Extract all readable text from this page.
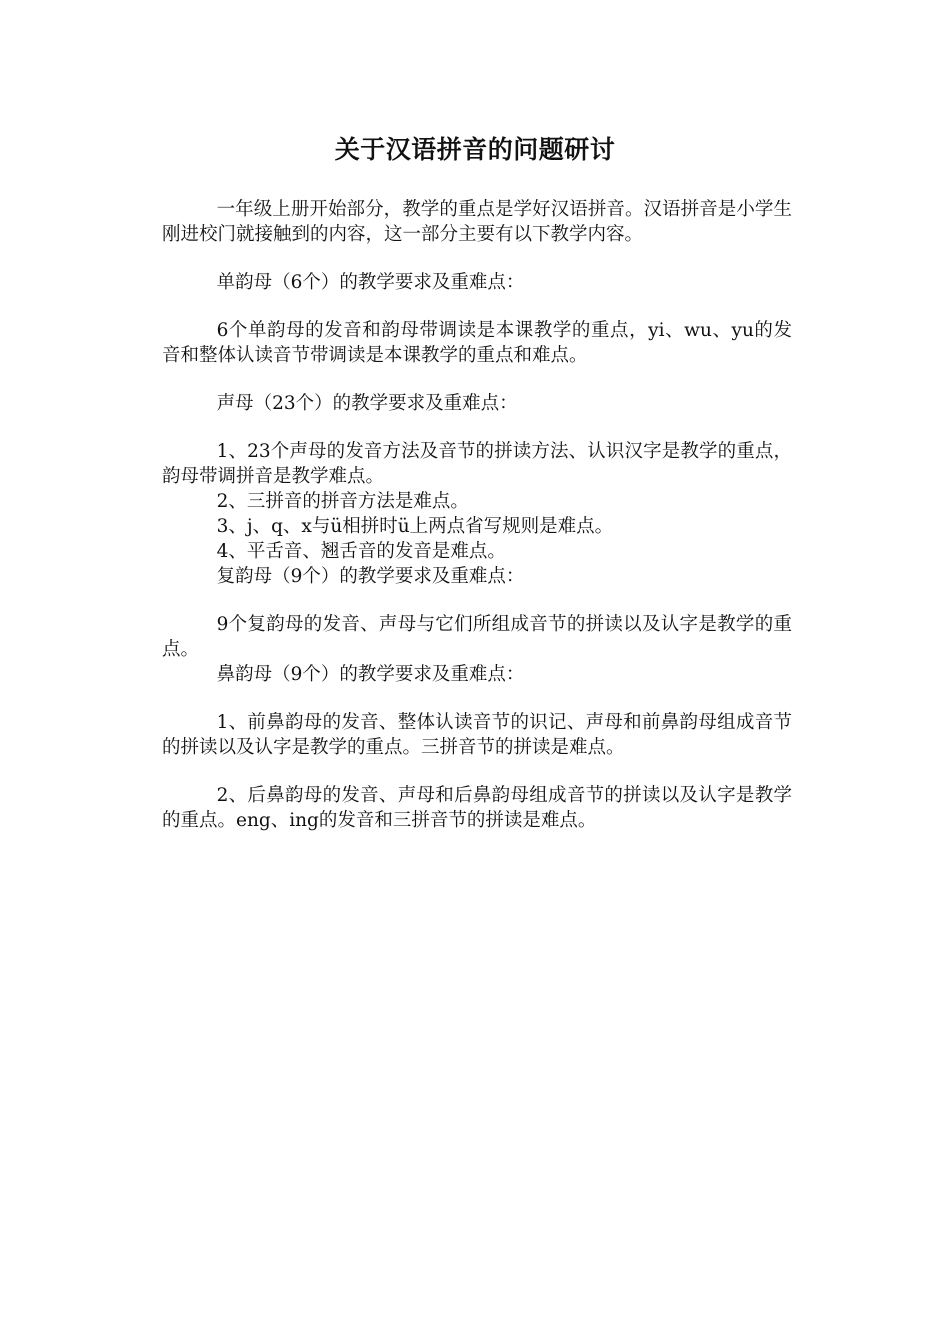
关于汉语拼音的问题研讨

一年级上册开始部分，教学的重点是学好汉语拼音。汉语拼音是小学生刚进校门就接触到的内容，这一部分主要有以下教学内容。

单韵母（6个）的教学要求及重难点：

6个单韵母的发音和韵母带调读是本课教学的重点，yi、wu、yu的发音和整体认读音节带调读是本课教学的重点和难点。

声母（23个）的教学要求及重难点：

1、23个声母的发音方法及音节的拼读方法、认识汉字是教学的重点，韵母带调拼音是教学难点。

2、三拼音的拼音方法是难点。

3、j、q、x与ü相拼时ü上两点省写规则是难点。

4、平舌音、翘舌音的发音是难点。

复韵母（9个）的教学要求及重难点：

9个复韵母的发音、声母与它们所组成音节的拼读以及认字是教学的重点。

鼻韵母（9个）的教学要求及重难点：

1、前鼻韵母的发音、整体认读音节的识记、声母和前鼻韵母组成音节的拼读以及认字是教学的重点。三拼音节的拼读是难点。

2、后鼻韵母的发音、声母和后鼻韵母组成音节的拼读以及认字是教学的重点。eng、ing的发音和三拼音节的拼读是难点。
